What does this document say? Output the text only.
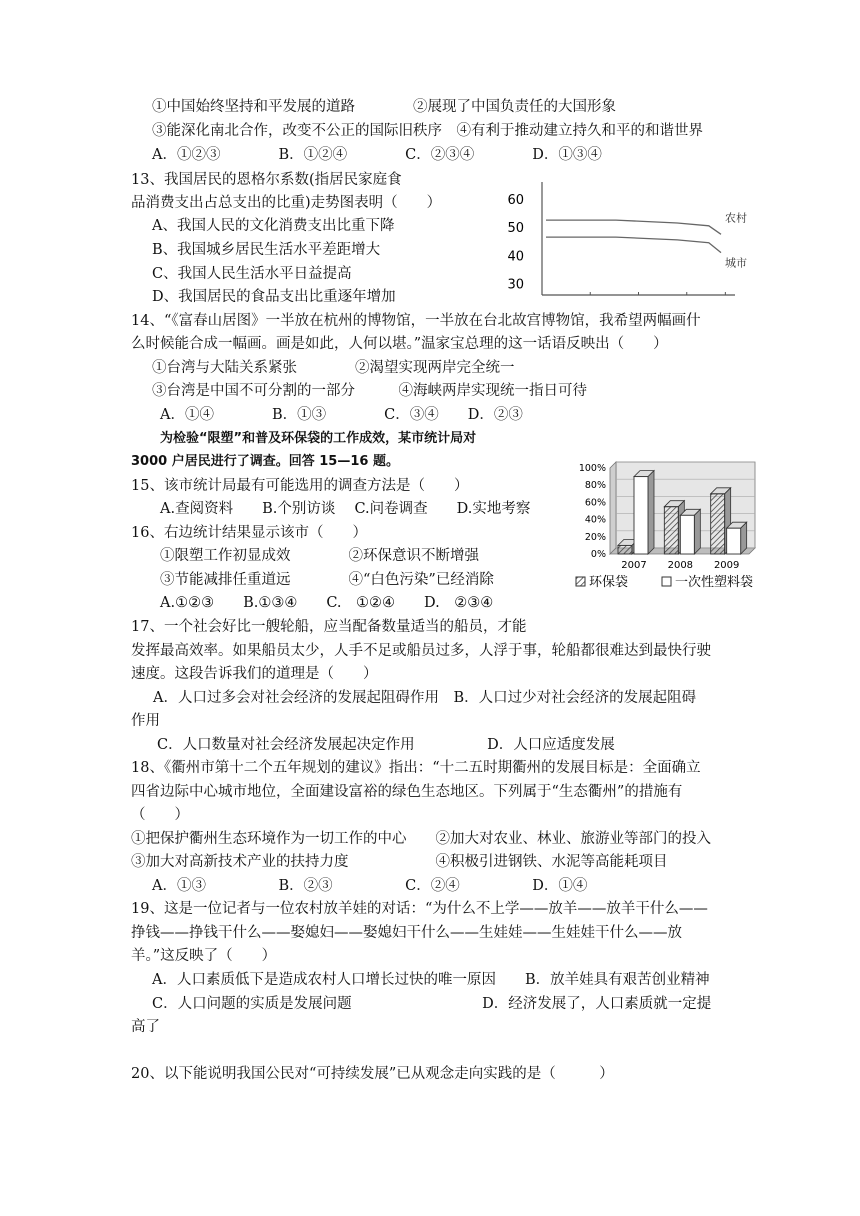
①中国始终坚持和平发展的道路　　　　②展现了中国负责任的大国形象
③能深化南北合作，改变不公正的国际旧秩序　④有利于推动建立持久和平的和谐世界
A．①②③　　　　B．①②④　　　　C．②③④　　　　D．①③④
13、我国居民的恩格尔系数(指居民家庭食
品消费支出占总支出的比重)走势图表明（　　）
A、我国人民的文化消费支出比重下降
B、我国城乡居民生活水平差距增大
C、我国人民生活水平日益提高
D、我国居民的食品支出比重逐年增加
14、“《富春山居图》一半放在杭州的博物馆，一半放在台北故宫博物馆，我希望两幅画什
么时候能合成一幅画。画是如此，人何以堪。”温家宝总理的这一话语反映出（　　）
①台湾与大陆关系紧张　　　　②渴望实现两岸完全统一
③台湾是中国不可分割的一部分　　　④海峡两岸实现统一指日可待
A．①④　　　　B．①③　　　　C．③④　　D．②③
为检验“限塑”和普及环保袋的工作成效，某市统计局对
3000 户居民进行了调查。回答 15—16 题。
15、该市统计局最有可能选用的调查方法是（　　）
A.查阅资料　　B.个别访谈　 C.问卷调查　　D.实地考察
16、右边统计结果显示该市（　　）
①限塑工作初显成效　　　　②环保意识不断增强
③节能减排任重道远　　　　④“白色污染”已经消除
A.①②③　　B.①③④　　C.　①②④　　D.　②③④
17、一个社会好比一艘轮船，应当配备数量适当的船员，才能
发挥最高效率。如果船员太少，人手不足或船员过多，人浮于事，轮船都很难达到最快行驶
速度。这段告诉我们的道理是（　　）
A．人口过多会对社会经济的发展起阻碍作用　B．人口过少对社会经济的发展起阻碍
作用
C．人口数量对社会经济发展起决定作用　　　　　D．人口应适度发展
18、《衢州市第十二个五年规划的建议》指出：“十二五时期衢州的发展目标是：全面确立
四省边际中心城市地位，全面建设富裕的绿色生态地区。下列属于“生态衢州”的措施有
（　　）
①把保护衢州生态环境作为一切工作的中心　　②加大对农业、林业、旅游业等部门的投入
③加大对高新技术产业的扶持力度　　　　　　④积极引进钢铁、水泥等高能耗项目
A．①③　　　　　B．②③　　　　　C．②④　　　　　D．①④
19、这是一位记者与一位农村放羊娃的对话：“为什么不上学——放羊——放羊干什么——
挣钱——挣钱干什么——娶媳妇——娶媳妇干什么——生娃娃——生娃娃干什么——放
羊。”这反映了（　　）
A．人口素质低下是造成农村人口增长过快的唯一原因　　B．放羊娃具有艰苦创业精神
C．人口问题的实质是发展问题　　　　　　　　　D．经济发展了，人口素质就一定提
高了
20、以下能说明我国公民对“可持续发展”已从观念走向实践的是（　　　）
60
50
40
30
农村
城市
100%
80%
60%
40%
20%
0%
2007 2008 2009
环保袋	一次性塑料袋
